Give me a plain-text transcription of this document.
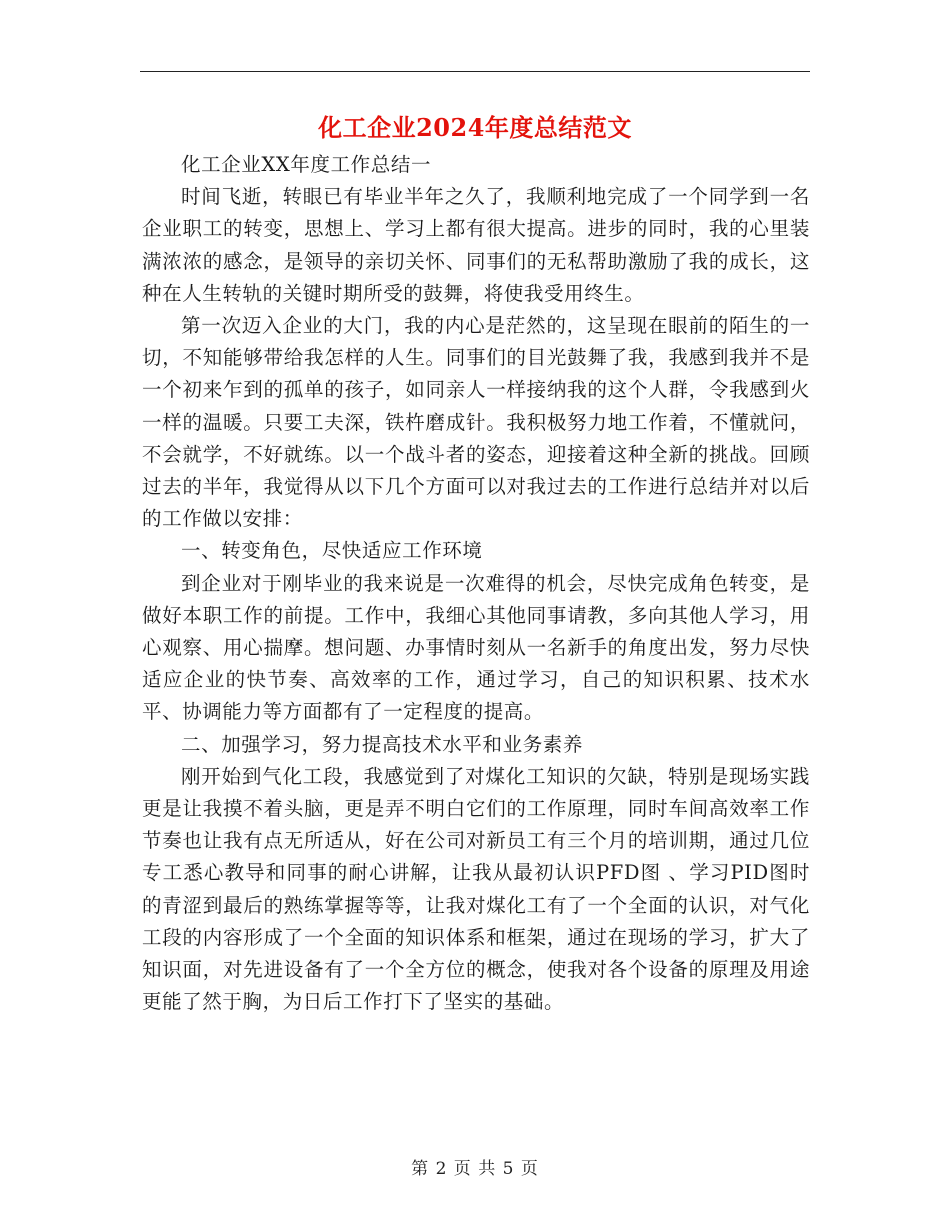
化工企业2024年度总结范文

化工企业XX年度工作总结一

时间飞逝，转眼已有毕业半年之久了，我顺利地完成了一个同学到一名企业职工的转变，思想上、学习上都有很大提高。进步的同时，我的心里装满浓浓的感念，是领导的亲切关怀、同事们的无私帮助激励了我的成长，这种在人生转轨的关键时期所受的鼓舞，将使我受用终生。

第一次迈入企业的大门，我的内心是茫然的，这呈现在眼前的陌生的一切，不知能够带给我怎样的人生。同事们的目光鼓舞了我，我感到我并不是一个初来乍到的孤单的孩子，如同亲人一样接纳我的这个人群，令我感到火一样的温暖。只要工夫深，铁杵磨成针。我积极努力地工作着，不懂就问，不会就学，不好就练。以一个战斗者的姿态，迎接着这种全新的挑战。回顾过去的半年，我觉得从以下几个方面可以对我过去的工作进行总结并对以后的工作做以安排：

一、转变角色，尽快适应工作环境

到企业对于刚毕业的我来说是一次难得的机会，尽快完成角色转变，是做好本职工作的前提。工作中，我细心其他同事请教，多向其他人学习，用心观察、用心揣摩。想问题、办事情时刻从一名新手的角度出发，努力尽快适应企业的快节奏、高效率的工作，通过学习，自己的知识积累、技术水平、协调能力等方面都有了一定程度的提高。

二、加强学习，努力提高技术水平和业务素养

刚开始到气化工段，我感觉到了对煤化工知识的欠缺，特别是现场实践更是让我摸不着头脑，更是弄不明白它们的工作原理，同时车间高效率工作节奏也让我有点无所适从，好在公司对新员工有三个月的培训期，通过几位专工悉心教导和同事的耐心讲解，让我从最初认识PFD图 、学习PID图时的青涩到最后的熟练掌握等等，让我对煤化工有了一个全面的认识，对气化工段的内容形成了一个全面的知识体系和框架，通过在现场的学习，扩大了知识面，对先进设备有了一个全方位的概念，使我对各个设备的原理及用途更能了然于胸，为日后工作打下了坚实的基础。

第 2 页 共 5 页
